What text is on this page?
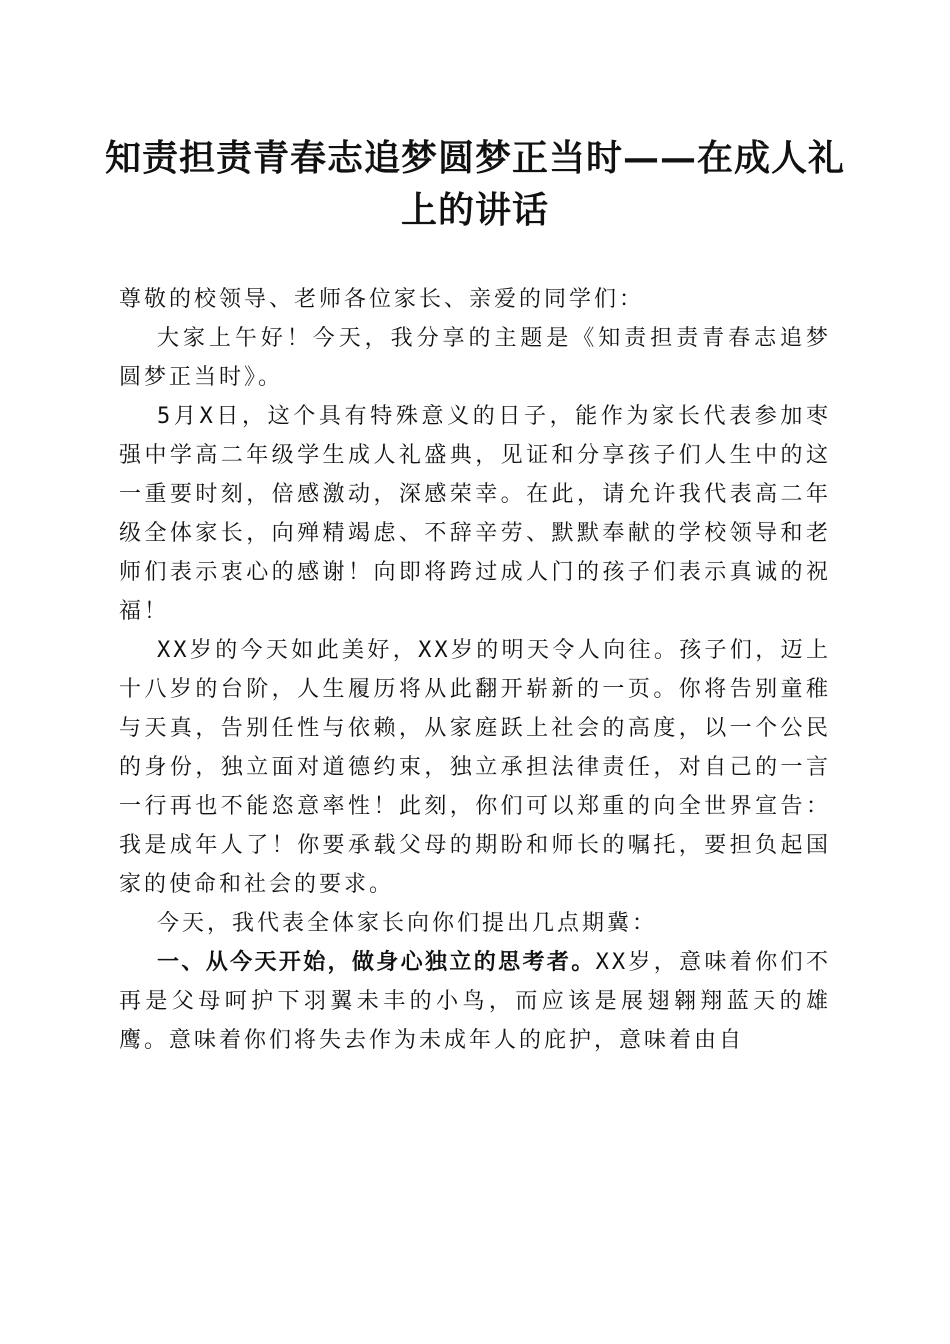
知责担责青春志追梦圆梦正当时——在成人礼上的讲话

尊敬的校领导、老师各位家长、亲爱的同学们：

大家上午好！今天，我分享的主题是《知责担责青春志追梦圆梦正当时》。

5月X日，这个具有特殊意义的日子，能作为家长代表参加枣强中学高二年级学生成人礼盛典，见证和分享孩子们人生中的这一重要时刻，倍感激动，深感荣幸。在此，请允许我代表高二年级全体家长，向殚精竭虑、不辞辛劳、默默奉献的学校领导和老师们表示衷心的感谢！向即将跨过成人门的孩子们表示真诚的祝福！

XX岁的今天如此美好，XX岁的明天令人向往。孩子们，迈上十八岁的台阶，人生履历将从此翻开崭新的一页。你将告别童稚与天真，告别任性与依赖，从家庭跃上社会的高度，以一个公民的身份，独立面对道德约束，独立承担法律责任，对自己的一言一行再也不能恣意率性！此刻，你们可以郑重的向全世界宣告：我是成年人了！你要承载父母的期盼和师长的嘱托，要担负起国家的使命和社会的要求。

今天，我代表全体家长向你们提出几点期冀：

一、从今天开始，做身心独立的思考者。XX岁，意味着你们不再是父母呵护下羽翼未丰的小鸟，而应该是展翅翱翔蓝天的雄鹰。意味着你们将失去作为未成年人的庇护，意味着由自
